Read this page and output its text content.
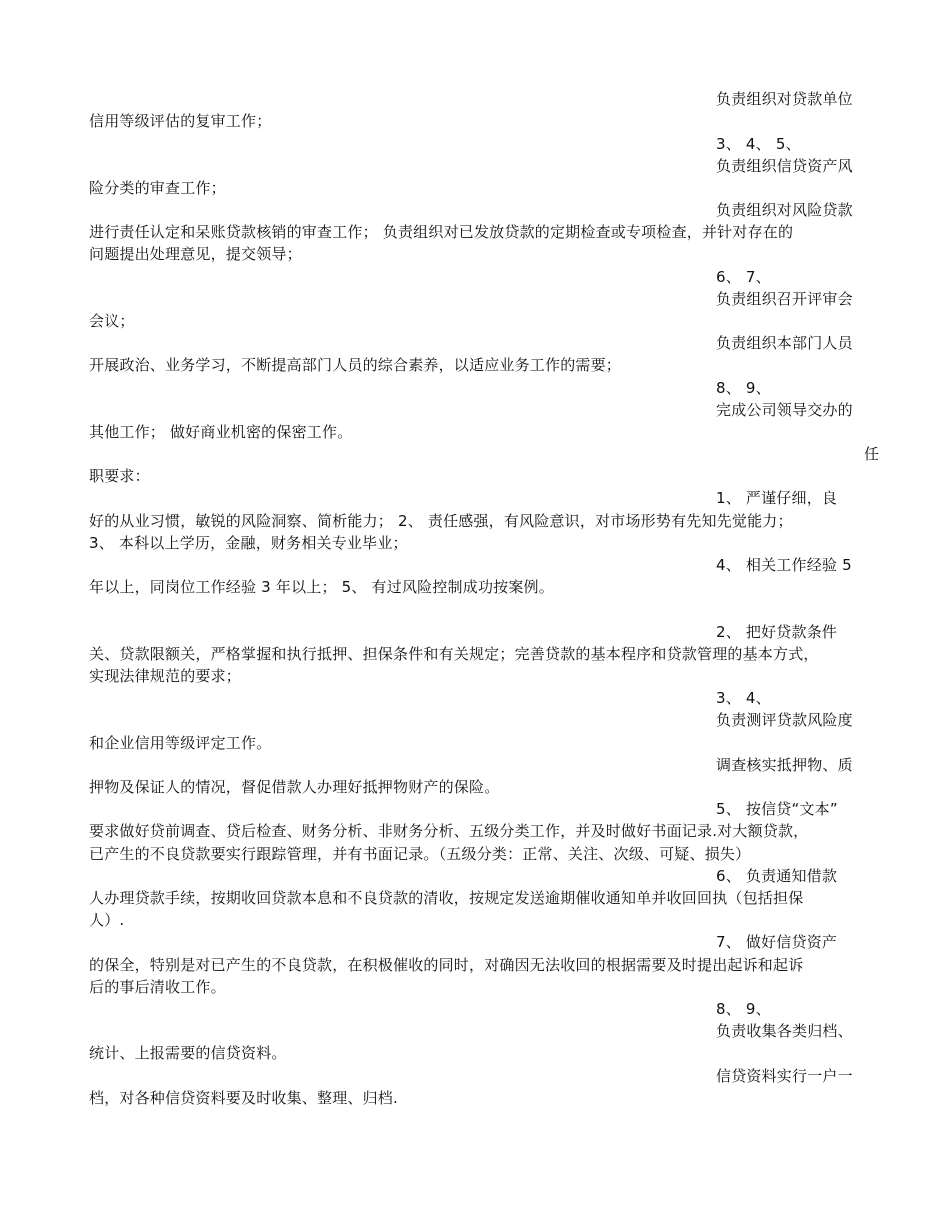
负责组织对贷款单位
信用等级评估的复审工作；
3、 4、 5、
负责组织信贷资产风
险分类的审查工作；
负责组织对风险贷款
进行责任认定和呆账贷款核销的审查工作； 负责组织对已发放贷款的定期检查或专项检查，并针对存在的
问题提出处理意见，提交领导；
6、 7、
负责组织召开评审会
会议；
负责组织本部门人员
开展政治、业务学习，不断提高部门人员的综合素养，以适应业务工作的需要；
8、 9、
完成公司领导交办的
其他工作； 做好商业机密的保密工作。
任
职要求：
1、 严谨仔细，良
好的从业习惯，敏锐的风险洞察、简析能力； 2、 责任感强，有风险意识，对市场形势有先知先觉能力；
3、 本科以上学历，金融，财务相关专业毕业；
4、 相关工作经验 5
年以上，同岗位工作经验 3 年以上； 5、 有过风险控制成功按案例。
2、 把好贷款条件
关、贷款限额关，严格掌握和执行抵押、担保条件和有关规定；完善贷款的基本程序和贷款管理的基本方式，
实现法律规范的要求；
3、 4、
负责测评贷款风险度
和企业信用等级评定工作。
调查核实抵押物、质
押物及保证人的情况，督促借款人办理好抵押物财产的保险。
5、 按信贷“文本”
要求做好贷前调查、贷后检查、财务分析、非财务分析、五级分类工作，并及时做好书面记录.对大额贷款，
已产生的不良贷款要实行跟踪管理，并有书面记录。（五级分类：正常、关注、次级、可疑、损失）
6、 负责通知借款
人办理贷款手续，按期收回贷款本息和不良贷款的清收，按规定发送逾期催收通知单并收回回执（包括担保
人）.
7、 做好信贷资产
的保全，特别是对已产生的不良贷款，在积极催收的同时，对确因无法收回的根据需要及时提出起诉和起诉
后的事后清收工作。
8、 9、
负责收集各类归档、
统计、上报需要的信贷资料。
信贷资料实行一户一
档，对各种信贷资料要及时收集、整理、归档.
